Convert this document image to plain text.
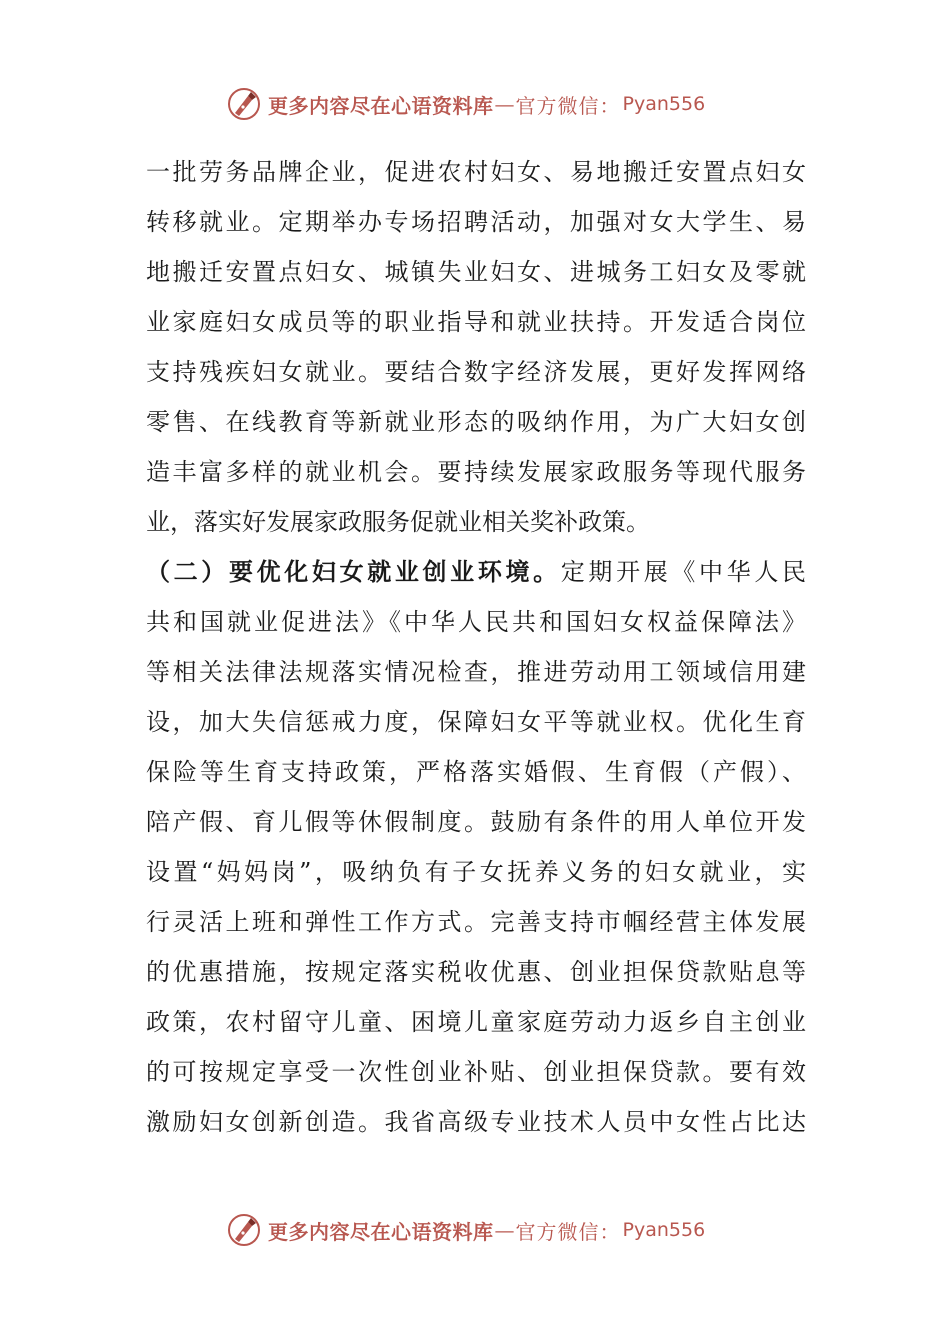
更多内容尽在心语资料库 — 官方微信： Pyan556
一批劳务品牌企业，促进农村妇女、易地搬迁安置点妇女
转移就业。定期举办专场招聘活动，加强对女大学生、易
地搬迁安置点妇女、城镇失业妇女、进城务工妇女及零就
业家庭妇女成员等的职业指导和就业扶持。开发适合岗位
支持残疾妇女就业。要结合数字经济发展，更好发挥网络
零售、在线教育等新就业形态的吸纳作用，为广大妇女创
造丰富多样的就业机会。要持续发展家政服务等现代服务
业，落实好发展家政服务促就业相关奖补政策。
（二）要优化妇女就业创业环境。定期开展《中华人民
共和国就业促进法》《中华人民共和国妇女权益保障法》
等相关法律法规落实情况检查，推进劳动用工领域信用建
设，加大失信惩戒力度，保障妇女平等就业权。优化生育
保险等生育支持政策，严格落实婚假、生育假（产假）、
陪产假、育儿假等休假制度。鼓励有条件的用人单位开发
设置“妈妈岗”，吸纳负有子女抚养义务的妇女就业，实
行灵活上班和弹性工作方式。完善支持市帼经营主体发展
的优惠措施，按规定落实税收优惠、创业担保贷款贴息等
政策，农村留守儿童、困境儿童家庭劳动力返乡自主创业
的可按规定享受一次性创业补贴、创业担保贷款。要有效
激励妇女创新创造。我省高级专业技术人员中女性占比达
更多内容尽在心语资料库 — 官方微信： Pyan556
